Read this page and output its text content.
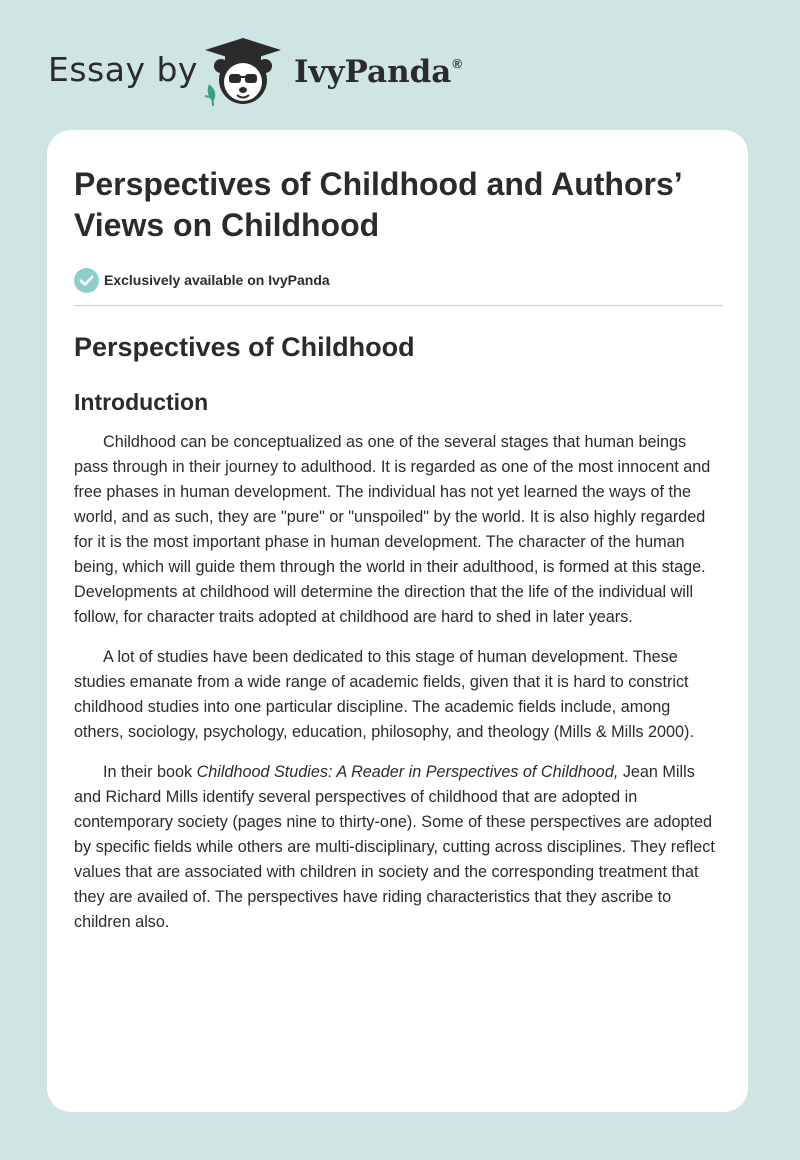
Essay by	IvyPanda®
Perspectives of Childhood and Authors’ Views on Childhood
Exclusively available on IvyPanda
Perspectives of Childhood
Introduction

Childhood can be conceptualized as one of the several stages that human beings pass through in their journey to adulthood. It is regarded as one of the most innocent and free phases in human development. The individual has not yet learned the ways of the world, and as such, they are "pure" or "unspoiled" by the world. It is also highly regarded for it is the most important phase in human development. The character of the human being, which will guide them through the world in their adulthood, is formed at this stage. Developments at childhood will determine the direction that the life of the individual will follow, for character traits adopted at childhood are hard to shed in later years.

A lot of studies have been dedicated to this stage of human development. These studies emanate from a wide range of academic fields, given that it is hard to constrict childhood studies into one particular discipline. The academic fields include, among others, sociology, psychology, education, philosophy, and theology (Mills & Mills 2000).

In their book Childhood Studies: A Reader in Perspectives of Childhood, Jean Mills and Richard Mills identify several perspectives of childhood that are adopted in contemporary society (pages nine to thirty-one). Some of these perspectives are adopted by specific fields while others are multi-disciplinary, cutting across disciplines. They reflect values that are associated with children in society and the corresponding treatment that they are availed of. The perspectives have riding characteristics that they ascribe to children also.
